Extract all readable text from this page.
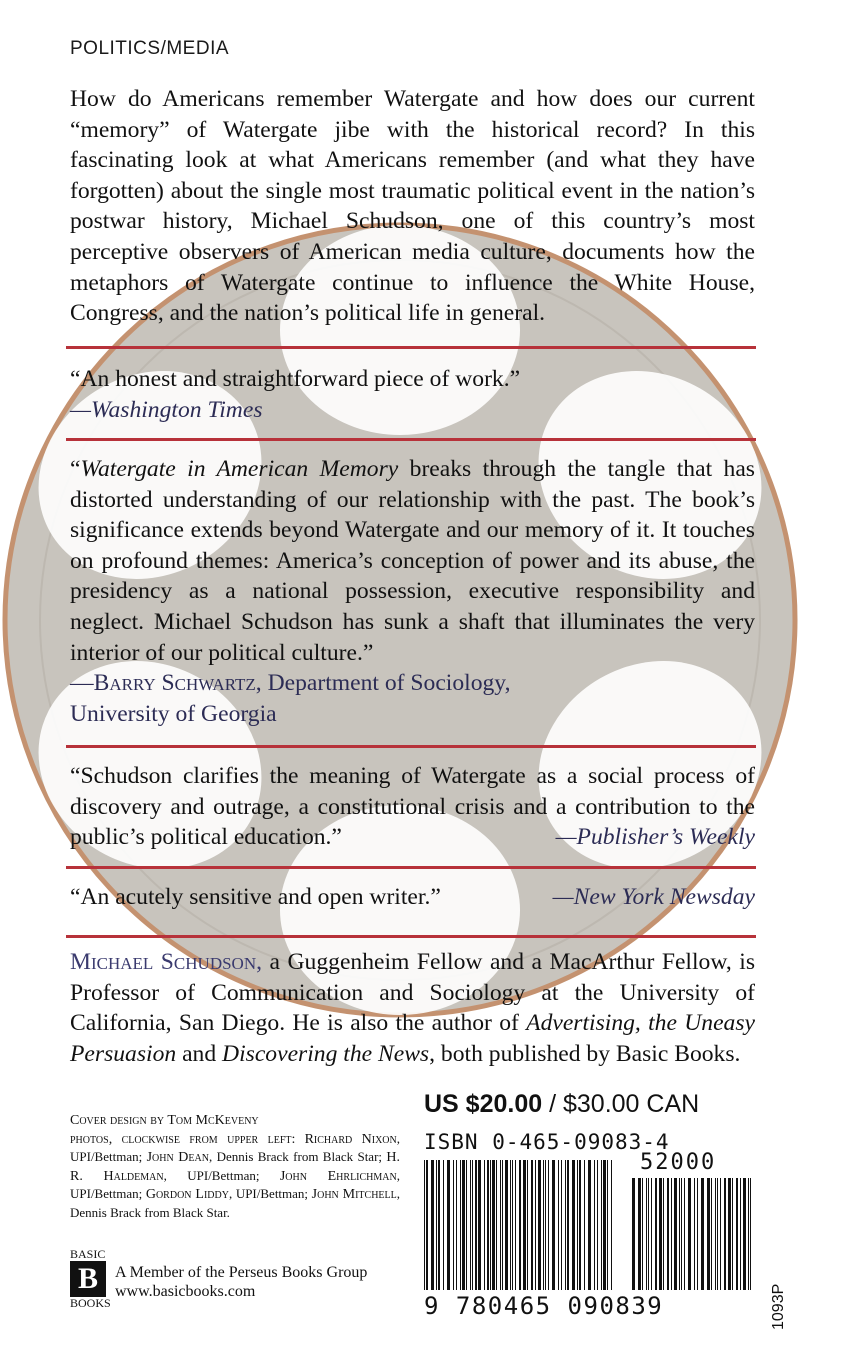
POLITICS/MEDIA
How do Americans remember Watergate and how does our current “memory” of Watergate jibe with the historical record? In this fascinating look at what Americans remember (and what they have forgotten) about the single most traumatic political event in the nation’s postwar history, Michael Schudson, one of this country’s most perceptive observers of American media culture, documents how the metaphors of Watergate continue to influence the White House, Congress, and the nation’s political life in general.
“An honest and straightforward piece of work.”
—Washington Times
“Watergate in American Memory breaks through the tangle that has distorted understanding of our relationship with the past. The book’s significance extends beyond Watergate and our memory of it. It touches on profound themes: America’s conception of power and its abuse, the presidency as a national possession, executive responsibility and neglect. Michael Schudson has sunk a shaft that illuminates the very interior of our political culture.”
—Barry Schwartz, Department of Sociology,
University of Georgia
“Schudson clarifies the meaning of Watergate as a social process of discovery and outrage, a constitutional crisis and a contribution to the public’s political education.”	—Publisher’s Weekly
“An acutely sensitive and open writer.”	—New York Newsday
Michael Schudson, a Guggenheim Fellow and a MacArthur Fellow, is Professor of Communication and Sociology at the University of California, San Diego. He is also the author of Advertising, the Uneasy Persuasion and Discovering the News, both published by Basic Books.
Cover design by Tom McKeveny
photos, clockwise from upper left: Richard Nixon, UPI/Bettman; John Dean, Dennis Brack from Black Star; H. R. Haldeman, UPI/Bettman; John Ehrlichman, UPI/Bettman; Gordon Liddy, UPI/Bettman; John Mitchell, Dennis Brack from Black Star.
US $20.00 / $30.00 CAN
ISBN 0-465-09083-4
52000
9 780465 090839	1093P
BASIC
B
BOOKS
A Member of the Perseus Books Group
www.basicbooks.com
